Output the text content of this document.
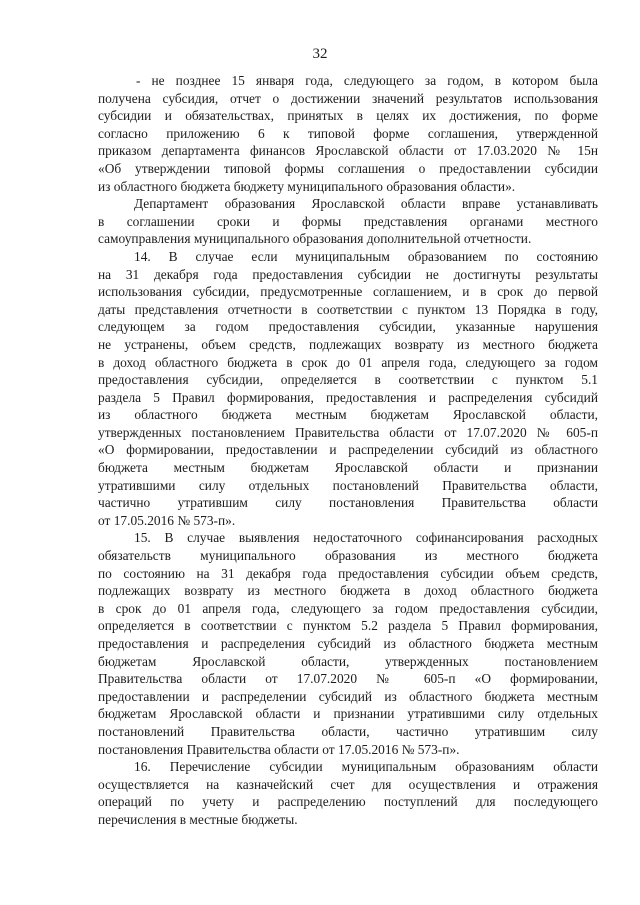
32
- не позднее 15 января года, следующего за годом, в котором была
получена субсидия, отчет о достижении значений результатов использования
субсидии и обязательствах, принятых в целях их достижения, по форме
согласно приложению 6 к типовой форме соглашения, утвержденной
приказом департамента финансов Ярославской области от 17.03.2020 № 15н
«Об утверждении типовой формы соглашения о предоставлении субсидии
из областного бюджета бюджету муниципального образования области».
Департамент образования Ярославской области вправе устанавливать
в соглашении сроки и формы представления органами местного
самоуправления муниципального образования дополнительной отчетности.
14. В случае если муниципальным образованием по состоянию
на 31 декабря года предоставления субсидии не достигнуты результаты
использования субсидии, предусмотренные соглашением, и в срок до первой
даты представления отчетности в соответствии с пунктом 13 Порядка в году,
следующем за годом предоставления субсидии, указанные нарушения
не устранены, объем средств, подлежащих возврату из местного бюджета
в доход областного бюджета в срок до 01 апреля года, следующего за годом
предоставления субсидии, определяется в соответствии с пунктом 5.1
раздела 5 Правил формирования, предоставления и распределения субсидий
из областного бюджета местным бюджетам Ярославской области,
утвержденных постановлением Правительства области от 17.07.2020 № 605-п
«О формировании, предоставлении и распределении субсидий из областного
бюджета местным бюджетам Ярославской области и признании
утратившими силу отдельных постановлений Правительства области,
частично утратившим силу постановления Правительства области
от 17.05.2016 № 573-п».
15. В случае выявления недостаточного софинансирования расходных
обязательств муниципального образования из местного бюджета
по состоянию на 31 декабря года предоставления субсидии объем средств,
подлежащих возврату из местного бюджета в доход областного бюджета
в срок до 01 апреля года, следующего за годом предоставления субсидии,
определяется в соответствии с пунктом 5.2 раздела 5 Правил формирования,
предоставления и распределения субсидий из областного бюджета местным
бюджетам Ярославской области, утвержденных постановлением
Правительства области от 17.07.2020 № 605-п «О формировании,
предоставлении и распределении субсидий из областного бюджета местным
бюджетам Ярославской области и признании утратившими силу отдельных
постановлений Правительства области, частично утратившим силу
постановления Правительства области от 17.05.2016 № 573-п».
16. Перечисление субсидии муниципальным образованиям области
осуществляется на казначейский счет для осуществления и отражения
операций по учету и распределению поступлений для последующего
перечисления в местные бюджеты.
